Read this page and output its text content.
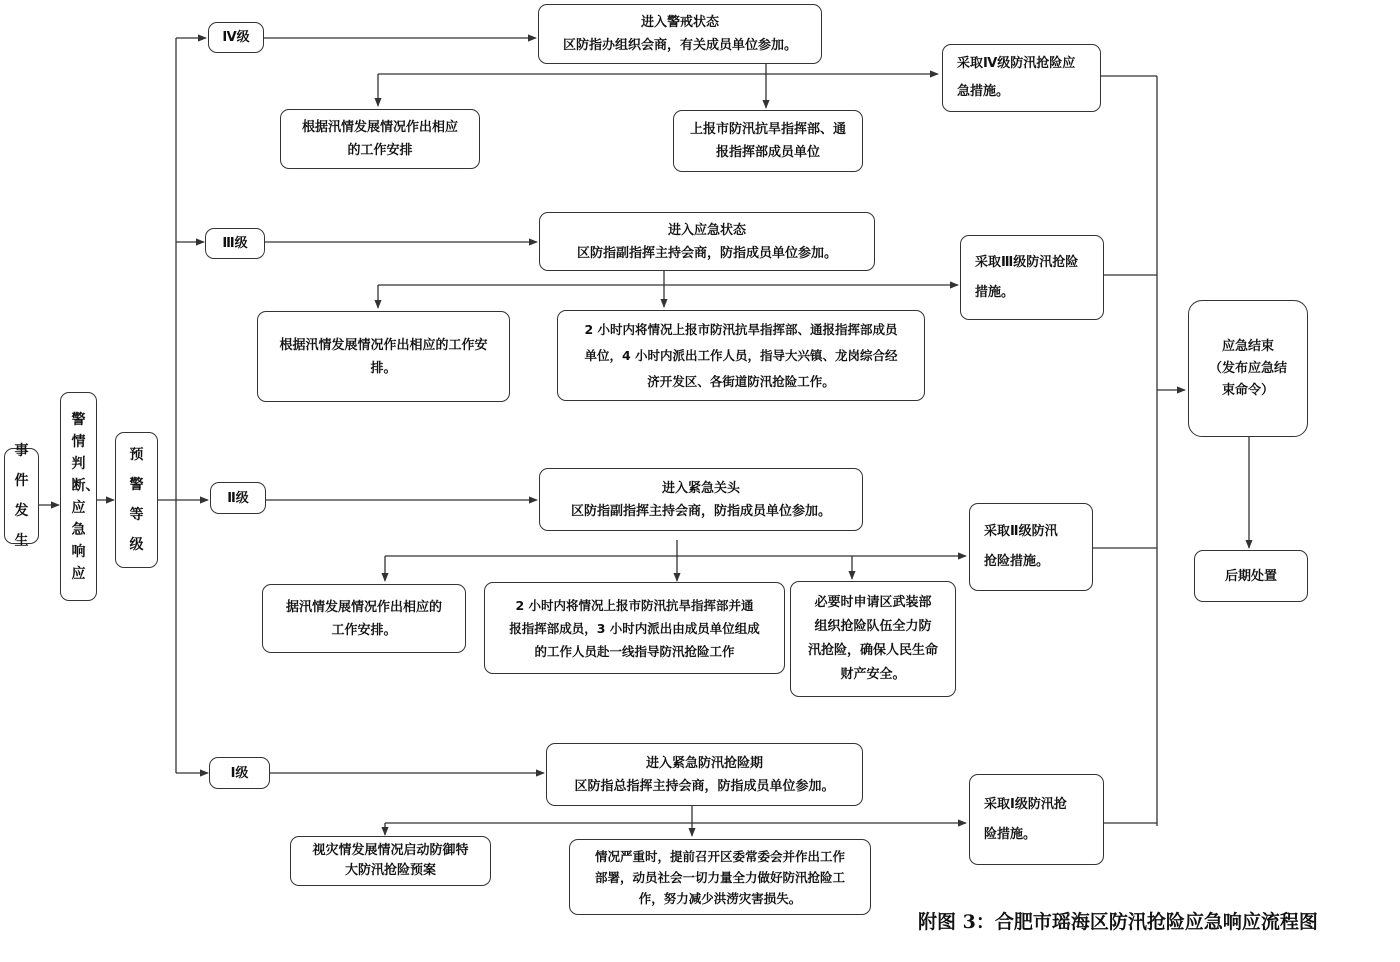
事件发生
警情判断、应急响应
预警等级
Ⅳ级
Ⅲ级
Ⅱ级
Ⅰ级
进入警戒状态
区防指办组织会商，有关成员单位参加。
根据汛情发展情况作出相应
的工作安排
上报市防汛抗旱指挥部、通
报指挥部成员单位
采取Ⅳ级防汛抢险应
急措施。
进入应急状态
区防指副指挥主持会商，防指成员单位参加。
根据汛情发展情况作出相应的工作安
排。
2 小时内将情况上报市防汛抗旱指挥部、通报指挥部成员
单位，4 小时内派出工作人员，指导大兴镇、龙岗综合经
济开发区、各街道防汛抢险工作。
采取Ⅲ级防汛抢险
措施。
进入紧急关头
区防指副指挥主持会商，防指成员单位参加。
据汛情发展情况作出相应的
工作安排。
2 小时内将情况上报市防汛抗旱指挥部并通
报指挥部成员，3 小时内派出由成员单位组成
的工作人员赴一线指导防汛抢险工作
必要时申请区武装部
组织抢险队伍全力防
汛抢险，确保人民生命
财产安全。
采取Ⅱ级防汛
抢险措施。
进入紧急防汛抢险期
区防指总指挥主持会商，防指成员单位参加。
视灾情发展情况启动防御特
大防汛抢险预案
情况严重时，提前召开区委常委会并作出工作
部署，动员社会一切力量全力做好防汛抢险工
作，努力减少洪涝灾害损失。
采取Ⅰ级防汛抢
险措施。
应急结束
（发布应急结
束命令）
后期处置
附图 3：合肥市瑶海区防汛抢险应急响应流程图
